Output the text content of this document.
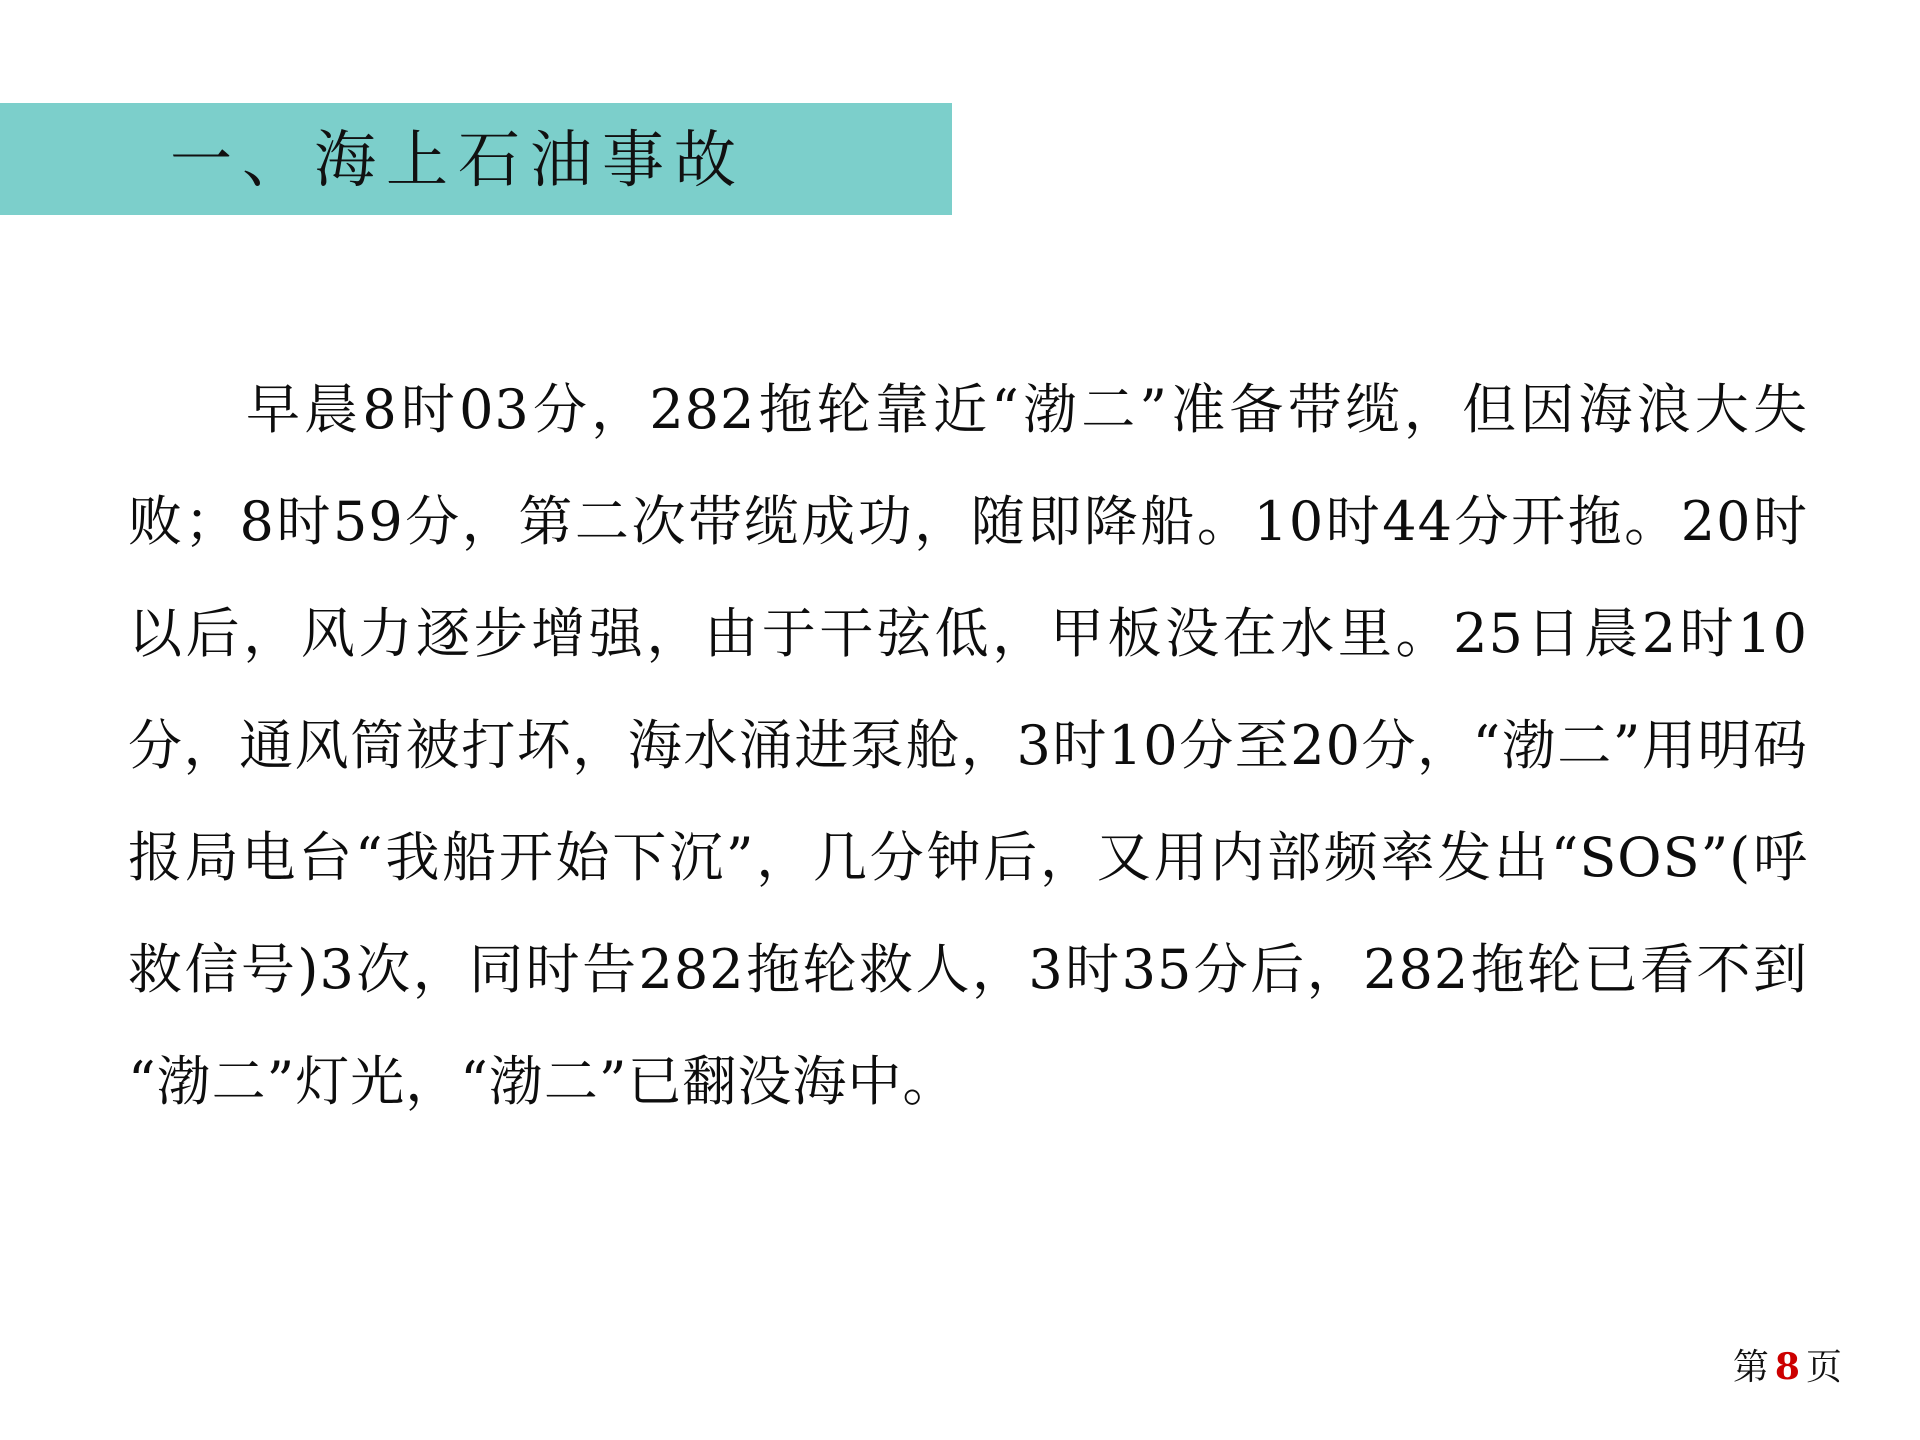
一、海上石油事故

早晨8时03分，282拖轮靠近“渤二”准备带缆，但因海浪大失败；8时59分，第二次带缆成功，随即降船。10时44分开拖。20时以后，风力逐步增强，由于干弦低，甲板没在水里。25日晨2时10分，通风筒被打坏，海水涌进泵舱，3时10分至20分，“渤二”用明码报局电台“我船开始下沉”，几分钟后，又用内部频率发出“SOS”(呼救信号)3次，同时告282拖轮救人，3时35分后，282拖轮已看不到“渤二”灯光，“渤二”已翻没海中。

第 8 页
